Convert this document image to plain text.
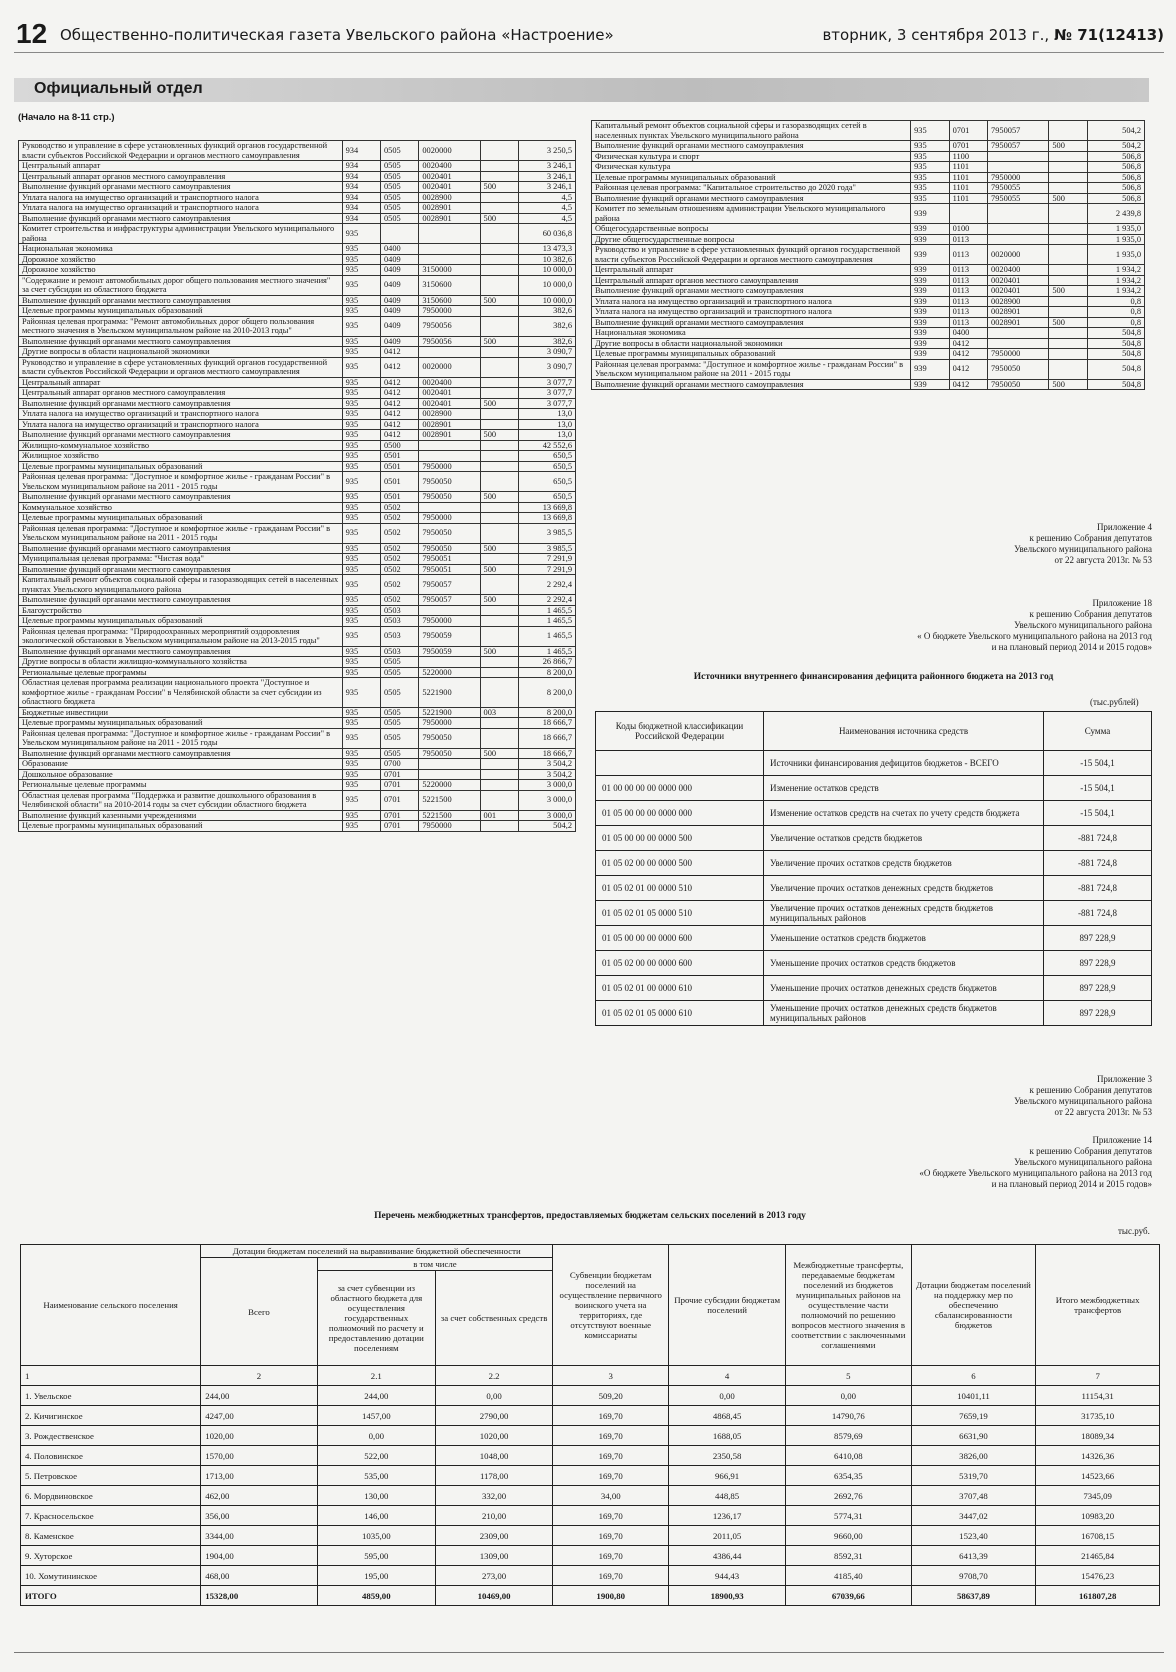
12 Общественно-политическая газета Увельского района «Настроение»	вторник, 3 сентября 2013 г., № 71(12413)
Официальный отдел
(Начало на 8-11 стр.)
Руководство и управление в сфере установленных функций органов государственной власти субъектов Российской Федерации и органов местного самоуправления	934	0505	0020000		3 250,5
Центральный аппарат	934	0505	0020400		3 246,1
Центральный аппарат органов местного самоуправления	934	0505	0020401		3 246,1
Выполнение функций органами местного самоуправления	934	0505	0020401	500	3 246,1
Уплата налога на имущество организаций и транспортного налога	934	0505	0028900		4,5
Уплата налога на имущество организаций и транспортного налога	934	0505	0028901		4,5
Выполнение функций органами местного самоуправления	934	0505	0028901	500	4,5
Комитет строительства и инфраструктуры администрации Увельского муниципального района	935				60 036,8
Национальная экономика	935	0400			13 473,3
Дорожное хозяйство	935	0409			10 382,6
Дорожное хозяйство	935	0409	3150000		10 000,0
"Содержание и ремонт автомобильных дорог общего пользования местного значения" за счет субсидии из областного бюджета	935	0409	3150600		10 000,0
Выполнение функций органами местного самоуправления	935	0409	3150600	500	10 000,0
Целевые программы муниципальных образований	935	0409	7950000		382,6
Районная целевая программа: "Ремонт автомобильных дорог общего пользования местного значения в Увельском муниципальном районе на 2010-2013 годы"	935	0409	7950056		382,6
Выполнение функций органами местного самоуправления	935	0409	7950056	500	382,6
Другие вопросы в области национальной экономики	935	0412			3 090,7
Руководство и управление в сфере установленных функций органов государственной власти субъектов Российской Федерации и органов местного самоуправления	935	0412	0020000		3 090,7
Центральный аппарат	935	0412	0020400		3 077,7
Центральный аппарат органов местного самоуправления	935	0412	0020401		3 077,7
Выполнение функций органами местного самоуправления	935	0412	0020401	500	3 077,7
Уплата налога на имущество организаций и транспортного налога	935	0412	0028900		13,0
Уплата налога на имущество организаций и транспортного налога	935	0412	0028901		13,0
Выполнение функций органами местного самоуправления	935	0412	0028901	500	13,0
Жилищно-коммунальное хозяйство	935	0500			42 552,6
Жилищное хозяйство	935	0501			650,5
Целевые программы муниципальных образований	935	0501	7950000		650,5
Районная целевая программа: "Доступное и комфортное жилье - гражданам России" в Увельском муниципальном районе на 2011 - 2015 годы	935	0501	7950050		650,5
Выполнение функций органами местного самоуправления	935	0501	7950050	500	650,5
Коммунальное хозяйство	935	0502			13 669,8
Целевые программы муниципальных образований	935	0502	7950000		13 669,8
Районная целевая программа: "Доступное и комфортное жилье - гражданам России" в Увельском муниципальном районе на 2011 - 2015 годы	935	0502	7950050		3 985,5
Выполнение функций органами местного самоуправления	935	0502	7950050	500	3 985,5
Муниципальная целевая программа: "Чистая вода"	935	0502	7950051		7 291,9
Выполнение функций органами местного самоуправления	935	0502	7950051	500	7 291,9
Капитальный ремонт объектов социальной сферы и газоразводящих сетей в населенных пунктах Увельского муниципального района	935	0502	7950057		2 292,4
Выполнение функций органами местного самоуправления	935	0502	7950057	500	2 292,4
Благоустройство	935	0503			1 465,5
Целевые программы муниципальных образований	935	0503	7950000		1 465,5
Районная целевая программа: "Природоохранных мероприятий оздоровления экологической обстановки в Увельском муниципальном районе на 2013-2015 годы"	935	0503	7950059		1 465,5
Выполнение функций органами местного самоуправления	935	0503	7950059	500	1 465,5
Другие вопросы в области жилищно-коммунального хозяйства	935	0505			26 866,7
Региональные целевые программы	935	0505	5220000		8 200,0
Областная целевая программа реализации национального проекта "Доступное и комфортное жилье - гражданам России" в Челябинской области за счет субсидии из областного бюджета	935	0505	5221900		8 200,0
Бюджетные инвестиции	935	0505	5221900	003	8 200,0
Целевые программы муниципальных образований	935	0505	7950000		18 666,7
Районная целевая программа: "Доступное и комфортное жилье - гражданам России" в Увельском муниципальном районе на 2011 - 2015 годы	935	0505	7950050		18 666,7
Выполнение функций органами местного самоуправления	935	0505	7950050	500	18 666,7
Образование	935	0700			3 504,2
Дошкольное образование	935	0701			3 504,2
Региональные целевые программы	935	0701	5220000		3 000,0
Областная целевая программа "Поддержка и развитие дошкольного образования в Челябинской области" на 2010-2014 годы за счет субсидии областного бюджета	935	0701	5221500		3 000,0
Выполнение функций казенными учреждениями	935	0701	5221500	001	3 000,0
Целевые программы муниципальных образований	935	0701	7950000		504,2
Капитальный ремонт объектов социальной сферы и газоразводящих сетей в населенных пунктах Увельского муниципального района	935	0701	7950057		504,2
Выполнение функций органами местного самоуправления	935	0701	7950057	500	504,2
Физическая культура и спорт	935	1100			506,8
Физическая культура	935	1101			506,8
Целевые программы муниципальных образований	935	1101	7950000		506,8
Районная целевая программа: "Капитальное строительство до 2020 года"	935	1101	7950055		506,8
Выполнение функций органами местного самоуправления	935	1101	7950055	500	506,8
Комитет по земельным отношениям администрации Увельского муниципального района	939				2 439,8
Общегосударственные вопросы	939	0100			1 935,0
Другие общегосударственные вопросы	939	0113			1 935,0
Руководство и управление в сфере установленных функций органов государственной власти субъектов Российской Федерации и органов местного самоуправления	939	0113	0020000		1 935,0
Центральный аппарат	939	0113	0020400		1 934,2
Центральный аппарат органов местного самоуправления	939	0113	0020401		1 934,2
Выполнение функций органами местного самоуправления	939	0113	0020401	500	1 934,2
Уплата налога на имущество организаций и транспортного налога	939	0113	0028900		0,8
Уплата налога на имущество организаций и транспортного налога	939	0113	0028901		0,8
Выполнение функций органами местного самоуправления	939	0113	0028901	500	0,8
Национальная экономика	939	0400			504,8
Другие вопросы в области национальной экономики	939	0412			504,8
Целевые программы муниципальных образований	939	0412	7950000		504,8
Районная целевая программа: "Доступное и комфортное жилье - гражданам России" в Увельском муниципальном районе на 2011 - 2015 годы	939	0412	7950050		504,8
Выполнение функций органами местного самоуправления	939	0412	7950050	500	504,8
Приложение 4
к решению Собрания депутатов
Увельского муниципального района
от 22 августа 2013г. № 53
Приложение 18
к решению Собрания депутатов
Увельского муниципального района
« О бюджете Увельского муниципального района на 2013 год
и на плановый период 2014 и 2015 годов»
Источники внутреннего финансирования дефицита районного бюджета на 2013 год
(тыс.рублей)
Коды бюджетной классификации Российской Федерации	Наименования источника средств	Сумма
	Источники финансирования дефицитов бюджетов - ВСЕГО	-15 504,1
01 00 00 00 00 0000 000	Изменение остатков средств	-15 504,1
01 05 00 00 00 0000 000	Изменение остатков средств на счетах по учету средств бюджета	-15 504,1
01 05 00 00 00 0000 500	Увеличение остатков средств бюджетов	-881 724,8
01 05 02 00 00 0000 500	Увеличение прочих остатков средств бюджетов	-881 724,8
01 05 02 01 00 0000 510	Увеличение прочих остатков денежных средств бюджетов	-881 724,8
01 05 02 01 05 0000 510	Увеличение прочих остатков денежных средств бюджетов муниципальных районов	-881 724,8
01 05 00 00 00 0000 600	Уменьшение остатков средств бюджетов	897 228,9
01 05 02 00 00 0000 600	Уменьшение прочих остатков средств бюджетов	897 228,9
01 05 02 01 00 0000 610	Уменьшение прочих остатков денежных средств бюджетов	897 228,9
01 05 02 01 05 0000 610	Уменьшение прочих остатков денежных средств бюджетов муниципальных районов	897 228,9
Приложение 3
к решению Собрания депутатов
Увельского муниципального района
от 22 августа 2013г. № 53
Приложение 14
к решению Собрания депутатов
Увельского муниципального района
«О бюджете Увельского муниципального района на 2013 год
и на плановый период 2014 и 2015 годов»
Перечень межбюджетных трансфертов, предоставляемых бюджетам сельских поселений в 2013 году
тыс.руб.
Наименование сельского поселения	Дотации бюджетам поселений на выравнивание бюджетной обеспеченности			Субвенции бюджетам поселений на осуществление первичного воинского учета на территориях, где отсутствуют военные комиссариаты	Прочие субсидии бюджетам поселений	Межбюджетные трансферты, передаваемые бюджетам поселений из бюджетов муниципальных районов на осуществление части полномочий по решению вопросов местного значения в соответствии с заключенными соглашениями	Дотации бюджетам поселений на поддержку мер по обеспечению сбалансированности бюджетов	Итого межбюджетных трансфертов
	Всего	в том числе						
		за счет субвенции из областного бюджета для осуществления государственных полномочий по расчету и предоставлению дотации поселениям	за счет собственных средств					
1	2	2.1	2.2	3	4	5	6	7
1. Увельское	244,00	244,00	0,00	509,20	0,00	0,00	10401,11	11154,31
2. Кичигинское	4247,00	1457,00	2790,00	169,70	4868,45	14790,76	7659,19	31735,10
3. Рождественское	1020,00	0,00	1020,00	169,70	1688,05	8579,69	6631,90	18089,34
4. Половинское	1570,00	522,00	1048,00	169,70	2350,58	6410,08	3826,00	14326,36
5. Петровское	1713,00	535,00	1178,00	169,70	966,91	6354,35	5319,70	14523,66
6. Мордвиновское	462,00	130,00	332,00	34,00	448,85	2692,76	3707,48	7345,09
7. Красносельское	356,00	146,00	210,00	169,70	1236,17	5774,31	3447,02	10983,20
8. Каменское	3344,00	1035,00	2309,00	169,70	2011,05	9660,00	1523,40	16708,15
9. Хуторское	1904,00	595,00	1309,00	169,70	4386,44	8592,31	6413,39	21465,84
10. Хомутининское	468,00	195,00	273,00	169,70	944,43	4185,40	9708,70	15476,23
ИТОГО	15328,00	4859,00	10469,00	1900,80	18900,93	67039,66	58637,89	161807,28
